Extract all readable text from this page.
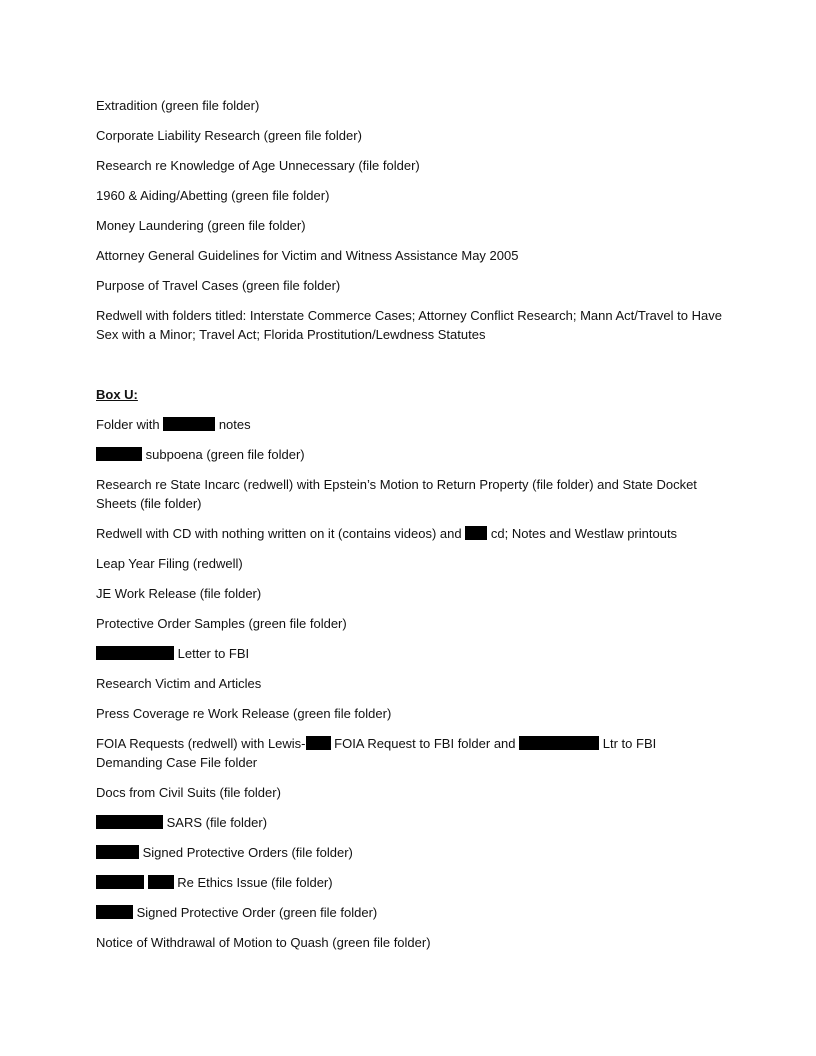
Extradition (green file folder)

Corporate Liability Research (green file folder)

Research re Knowledge of Age Unnecessary (file folder)

1960 & Aiding/Abetting (green file folder)

Money Laundering (green file folder)

Attorney General Guidelines for Victim and Witness Assistance May 2005

Purpose of Travel Cases (green file folder)

Redwell with folders titled: Interstate Commerce Cases; Attorney Conflict Research; Mann Act/Travel to Have Sex with a Minor; Travel Act; Florida Prostitution/Lewdness Statutes

Box U:

Folder with	notes

subpoena (green file folder)

Research re State Incarc (redwell) with Epstein’s Motion to Return Property (file folder) and State Docket Sheets (file folder)

Redwell with CD with nothing written on it (contains videos) and cd; Notes and Westlaw printouts

Leap Year Filing (redwell)

JE Work Release (file folder)

Protective Order Samples (green file folder)

Letter to FBI

Research Victim and Articles

Press Coverage re Work Release (green file folder)

FOIA Requests (redwell) with Lewis- FOIA Request to FBI folder and	Ltr to FBI Demanding Case File folder

Docs from Civil Suits (file folder)

SARS (file folder)

Signed Protective Orders (file folder)

Re Ethics Issue (file folder)

Signed Protective Order (green file folder)

Notice of Withdrawal of Motion to Quash (green file folder)
